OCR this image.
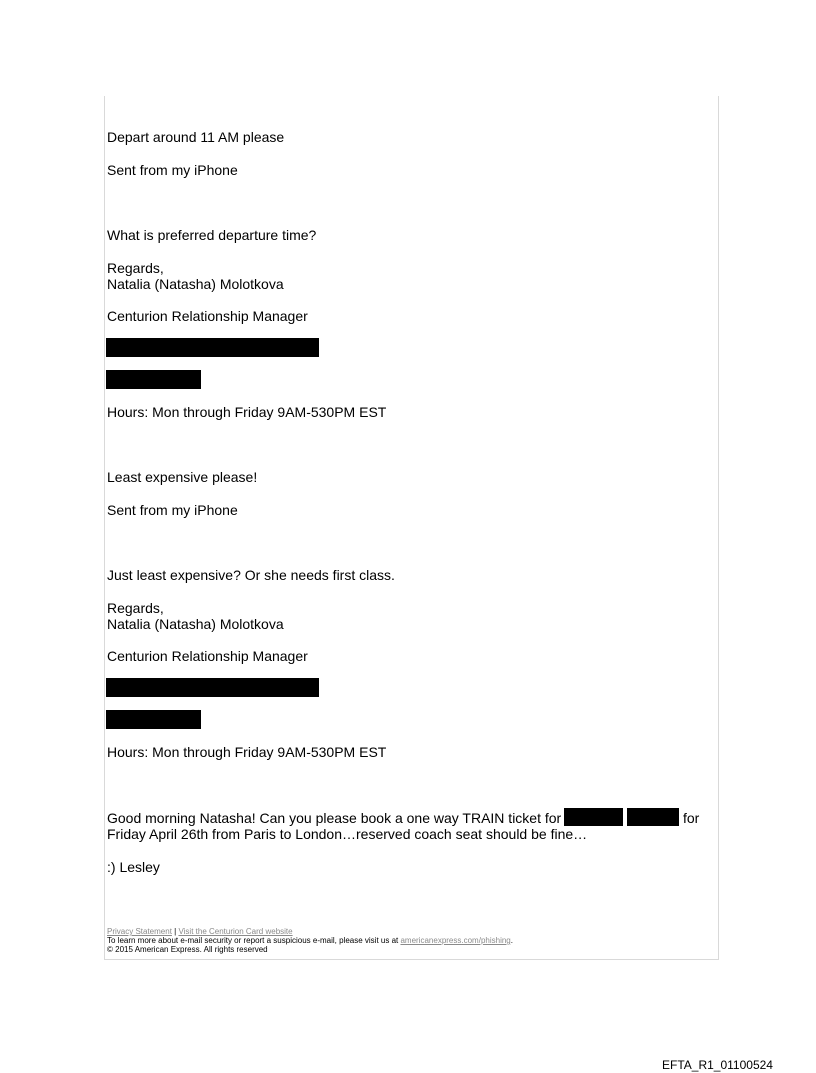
Depart around 11 AM please

Sent from my iPhone

What is preferred departure time?

Regards,

Natalia (Natasha) Molotkova

Centurion Relationship Manager

Hours: Mon through Friday 9AM-530PM EST

Least expensive please!

Sent from my iPhone

Just least expensive? Or she needs first class.

Regards,

Natalia (Natasha) Molotkova

Centurion Relationship Manager

Hours: Mon through Friday 9AM-530PM EST

Good morning Natasha! Can you please book a one way TRAIN ticket for	for

Friday April 26th from Paris to London…reserved coach seat should be fine…

:) Lesley

Privacy Statement | Visit the Centurion Card website
To learn more about e-mail security or report a suspicious e-mail, please visit us at americanexpress.com/phishing.
© 2015 American Express. All rights reserved
EFTA_R1_01100524
